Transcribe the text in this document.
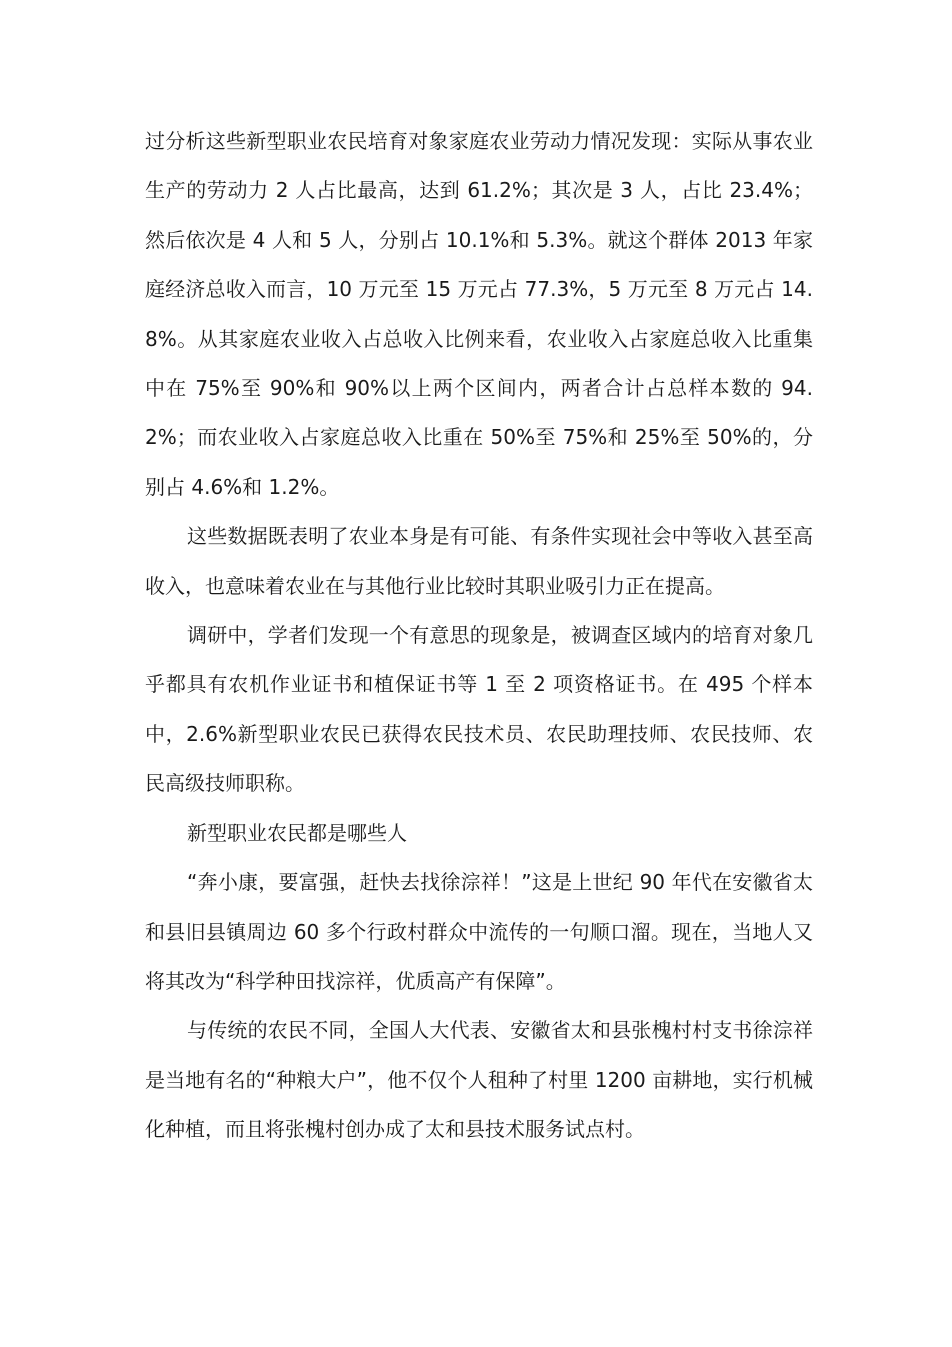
过分析这些新型职业农民培育对象家庭农业劳动力情况发现：实际从事农业生产的劳动力 2 人占比最高，达到 61.2%；其次是 3 人，占比 23.4%；然后依次是 4 人和 5 人，分别占 10.1%和 5.3%。就这个群体 2013 年家庭经济总收入而言，10 万元至 15 万元占 77.3%，5 万元至 8 万元占 14.8%。从其家庭农业收入占总收入比例来看，农业收入占家庭总收入比重集中在 75%至 90%和 90%以上两个区间内，两者合计占总样本数的 94.2%；而农业收入占家庭总收入比重在 50%至 75%和 25%至 50%的，分别占 4.6%和 1.2%。

这些数据既表明了农业本身是有可能、有条件实现社会中等收入甚至高收入，也意味着农业在与其他行业比较时其职业吸引力正在提高。

调研中，学者们发现一个有意思的现象是，被调查区域内的培育对象几乎都具有农机作业证书和植保证书等 1 至 2 项资格证书。在 495 个样本中，2.6%新型职业农民已获得农民技术员、农民助理技师、农民技师、农民高级技师职称。

新型职业农民都是哪些人

“奔小康，要富强，赶快去找徐淙祥！”这是上世纪 90 年代在安徽省太和县旧县镇周边 60 多个行政村群众中流传的一句顺口溜。现在，当地人又将其改为“科学种田找淙祥，优质高产有保障”。

与传统的农民不同，全国人大代表、安徽省太和县张槐村村支书徐淙祥是当地有名的“种粮大户”，他不仅个人租种了村里 1200 亩耕地，实行机械化种植，而且将张槐村创办成了太和县技术服务试点村。
